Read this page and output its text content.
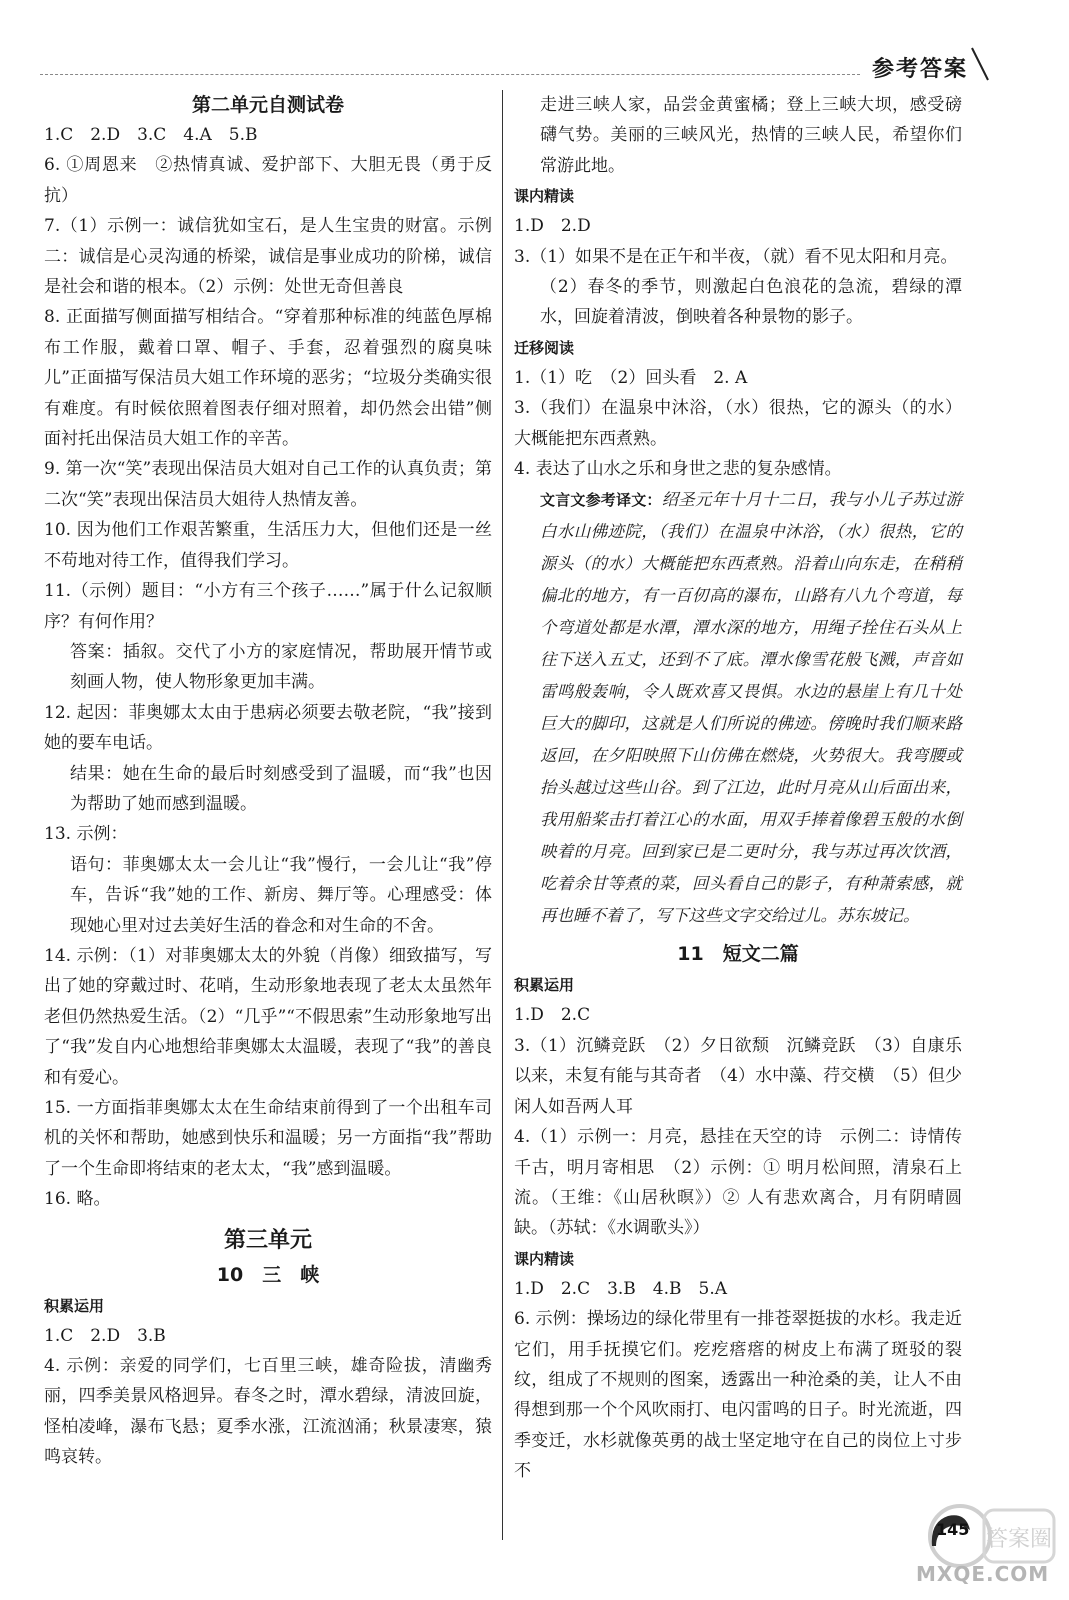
参考答案
第二单元自测试卷

1.C　2.D　3.C　4.A　5.B

6. ①周恩来　②热情真诚、爱护部下、大胆无畏（勇于反抗）

7.（1）示例一：诚信犹如宝石，是人生宝贵的财富。示例二：诚信是心灵沟通的桥梁，诚信是事业成功的阶梯，诚信是社会和谐的根本。（2）示例：处世无奇但善良

8. 正面描写侧面描写相结合。“穿着那种标准的纯蓝色厚棉布工作服，戴着口罩、帽子、手套，忍着强烈的腐臭味儿”正面描写保洁员大姐工作环境的恶劣；“垃圾分类确实很有难度。有时候依照着图表仔细对照着，却仍然会出错”侧面衬托出保洁员大姐工作的辛苦。

9. 第一次“笑”表现出保洁员大姐对自己工作的认真负责；第二次“笑”表现出保洁员大姐待人热情友善。

10. 因为他们工作艰苦繁重，生活压力大，但他们还是一丝不苟地对待工作，值得我们学习。

11.（示例）题目：“小方有三个孩子……”属于什么记叙顺序？有何作用？

答案：插叙。交代了小方的家庭情况，帮助展开情节或刻画人物，使人物形象更加丰满。

12. 起因：菲奥娜太太由于患病必须要去敬老院，“我”接到她的要车电话。

结果：她在生命的最后时刻感受到了温暖，而“我”也因为帮助了她而感到温暖。

13. 示例：

语句：菲奥娜太太一会儿让“我”慢行，一会儿让“我”停车，告诉“我”她的工作、新房、舞厅等。心理感受：体现她心里对过去美好生活的眷念和对生命的不舍。

14. 示例：（1）对菲奥娜太太的外貌（肖像）细致描写，写出了她的穿戴过时、花哨，生动形象地表现了老太太虽然年老但仍然热爱生活。（2）“几乎”“不假思索”生动形象地写出了“我”发自内心地想给菲奥娜太太温暖，表现了“我”的善良和有爱心。

15. 一方面指菲奥娜太太在生命结束前得到了一个出租车司机的关怀和帮助，她感到快乐和温暖；另一方面指“我”帮助了一个生命即将结束的老太太，“我”感到温暖。

16. 略。

第三单元
10　三　峡
积累运用

1.C　2.D　3.B

4. 示例：亲爱的同学们，七百里三峡，雄奇险拔，清幽秀丽，四季美景风格迥异。春冬之时，潭水碧绿，清波回旋，怪柏凌峰，瀑布飞悬；夏季水涨，江流汹涌；秋景凄寒，猿鸣哀转。

走进三峡人家，品尝金黄蜜橘；登上三峡大坝，感受磅礴气势。美丽的三峡风光，热情的三峡人民，希望你们常游此地。

课内精读

1.D　2.D

3.（1）如果不是在正午和半夜，（就）看不见太阳和月亮。

（2）春冬的季节，则激起白色浪花的急流，碧绿的潭水，回旋着清波，倒映着各种景物的影子。

迁移阅读

1.（1）吃　（2）回头看　2. A

3.（我们）在温泉中沐浴，（水）很热，它的源头（的水）大概能把东西煮熟。

4. 表达了山水之乐和身世之悲的复杂感情。

文言文参考译文：绍圣元年十月十二日，我与小儿子苏过游白水山佛迹院，（我们）在温泉中沐浴，（水）很热，它的源头（的水）大概能把东西煮熟。沿着山向东走，在稍稍偏北的地方，有一百仞高的瀑布，山路有八九个弯道，每个弯道处都是水潭，潭水深的地方，用绳子拴住石头从上往下送入五丈，还到不了底。潭水像雪花般飞溅，声音如雷鸣般轰响，令人既欢喜又畏惧。水边的悬崖上有几十处巨大的脚印，这就是人们所说的佛迹。傍晚时我们顺来路返回，在夕阳映照下山仿佛在燃烧，火势很大。我弯腰或抬头越过这些山谷。到了江边，此时月亮从山后面出来，我用船桨击打着江心的水面，用双手捧着像碧玉般的水倒映着的月亮。回到家已是二更时分，我与苏过再次饮酒，吃着余甘等煮的菜，回头看自己的影子，有种萧索感，就再也睡不着了，写下这些文字交给过儿。苏东坡记。

11　短文二篇
积累运用

1.D　2.C

3.（1）沉鳞竞跃　（2）夕日欲颓　沉鳞竞跃　（3）自康乐以来，未复有能与其奇者　（4）水中藻、荇交横　（5）但少闲人如吾两人耳

4.（1）示例一：月亮，悬挂在天空的诗　示例二：诗情传千古，明月寄相思　（2）示例：① 明月松间照，清泉石上流。（王维：《山居秋暝》）② 人有悲欢离合，月有阴晴圆缺。（苏轼：《水调歌头》）

课内精读

1.D　2.C　3.B　4.B　5.A

6. 示例：操场边的绿化带里有一排苍翠挺拔的水杉。我走近它们，用手抚摸它们。疙疙瘩瘩的树皮上布满了斑驳的裂纹，组成了不规则的图案，透露出一种沧桑的美，让人不由得想到那一个个风吹雨打、电闪雷鸣的日子。时光流逝，四季变迁，水杉就像英勇的战士坚定地守在自己的岗位上寸步不

答案圈
145
MXQE.COM
